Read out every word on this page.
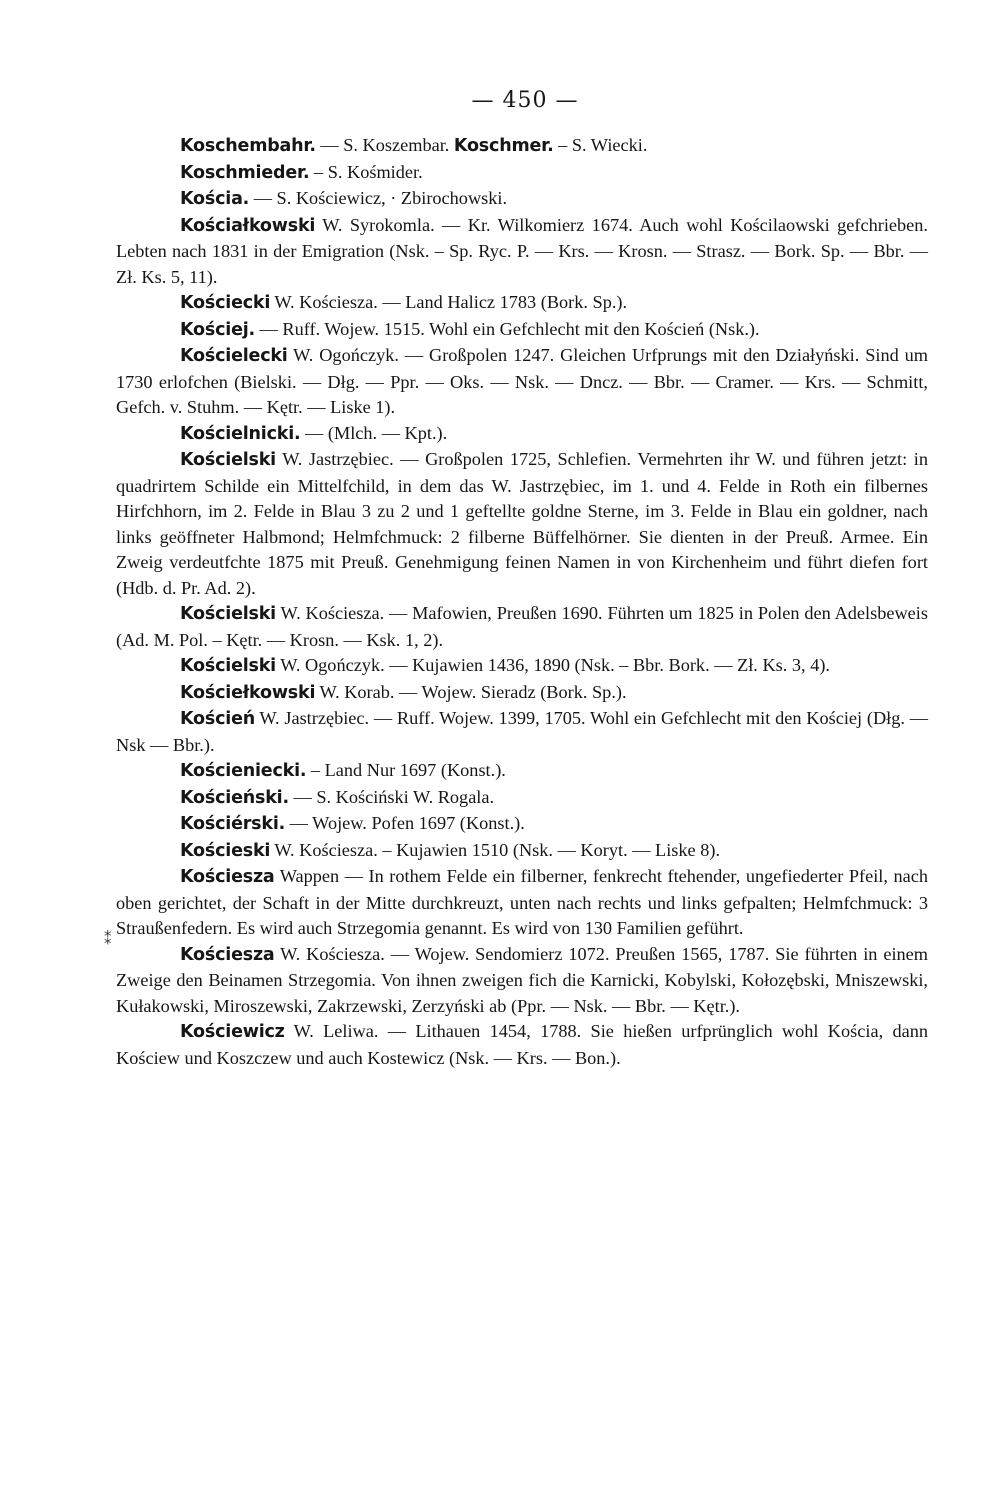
— 450 —
⁑

Koschembahr. — S. Koszembar. Koschmer. – S. Wiecki.

Koschmieder. – S. Kośmider.

Kościa. — S. Kościewicz, · Zbirochowski.

Kościałkowski W. Syrokomla. — Kr. Wilkomierz 1674. Auch wohl Kościlaowski gefchrieben. Lebten nach 1831 in der Emigration (Nsk. – Sp. Ryc. P. — Krs. — Krosn. — Strasz. — Bork. Sp. — Bbr. — Zł. Ks. 5, 11).

Kościecki W. Kościesza. — Land Halicz 1783 (Bork. Sp.).

Kościej. — Ruff. Wojew. 1515. Wohl ein Gefchlecht mit den Koścień (Nsk.).

Kościelecki W. Ogończyk. — Großpolen 1247. Gleichen Urfprungs mit den Działyński. Sind um 1730 erlofchen (Bielski. — Dłg. — Ppr. — Oks. — Nsk. — Dncz. — Bbr. — Cramer. — Krs. — Schmitt, Gefch. v. Stuhm. — Kętr. — Liske 1).

Kościelnicki. — (Mlch. — Kpt.).

Kościelski W. Jastrzębiec. — Großpolen 1725, Schlefien. Vermehrten ihr W. und führen jetzt: in quadrirtem Schilde ein Mittelfchild, in dem das W. Jastrzębiec, im 1. und 4. Felde in Roth ein filbernes Hirfchhorn, im 2. Felde in Blau 3 zu 2 und 1 geftellte goldne Sterne, im 3. Felde in Blau ein goldner, nach links geöffneter Halbmond; Helmfchmuck: 2 filberne Büffelhörner. Sie dienten in der Preuß. Armee. Ein Zweig verdeutfchte 1875 mit Preuß. Genehmigung feinen Namen in von Kirchenheim und führt diefen fort (Hdb. d. Pr. Ad. 2).

Kościelski W. Kościesza. — Mafowien, Preußen 1690. Führten um 1825 in Polen den Adelsbeweis (Ad. M. Pol. – Kętr. — Krosn. — Ksk. 1, 2).

Kościelski W. Ogończyk. — Kujawien 1436, 1890 (Nsk. – Bbr. Bork. — Zł. Ks. 3, 4).

Kościełkowski W. Korab. — Wojew. Sieradz (Bork. Sp.).

Koścień W. Jastrzębiec. — Ruff. Wojew. 1399, 1705. Wohl ein Gefchlecht mit den Kościej (Dłg. — Nsk — Bbr.).

Kościeniecki. – Land Nur 1697 (Konst.).

Kościeński. — S. Kościński W. Rogala.

Kościérski. — Wojew. Pofen 1697 (Konst.).

Kościeski W. Kościesza. – Kujawien 1510 (Nsk. — Koryt. — Liske 8).

Kościesza Wappen — In rothem Felde ein filberner, fenkrecht ftehender, ungefiederter Pfeil, nach oben gerichtet, der Schaft in der Mitte durchkreuzt, unten nach rechts und links gefpalten; Helmfchmuck: 3 Straußenfedern. Es wird auch Strzegomia genannt. Es wird von 130 Familien geführt.

Kościesza W. Kościesza. — Wojew. Sendomierz 1072. Preußen 1565, 1787. Sie führten in einem Zweige den Beinamen Strzegomia. Von ihnen zweigen fich die Karnicki, Kobylski, Kołozębski, Mniszewski, Kułakowski, Miroszewski, Zakrzewski, Zerzyński ab (Ppr. — Nsk. — Bbr. — Kętr.).

Kościewicz W. Leliwa. — Lithauen 1454, 1788. Sie hießen urfprünglich wohl Kościa, dann Kościew und Koszczew und auch Kostewicz (Nsk. — Krs. — Bon.).
